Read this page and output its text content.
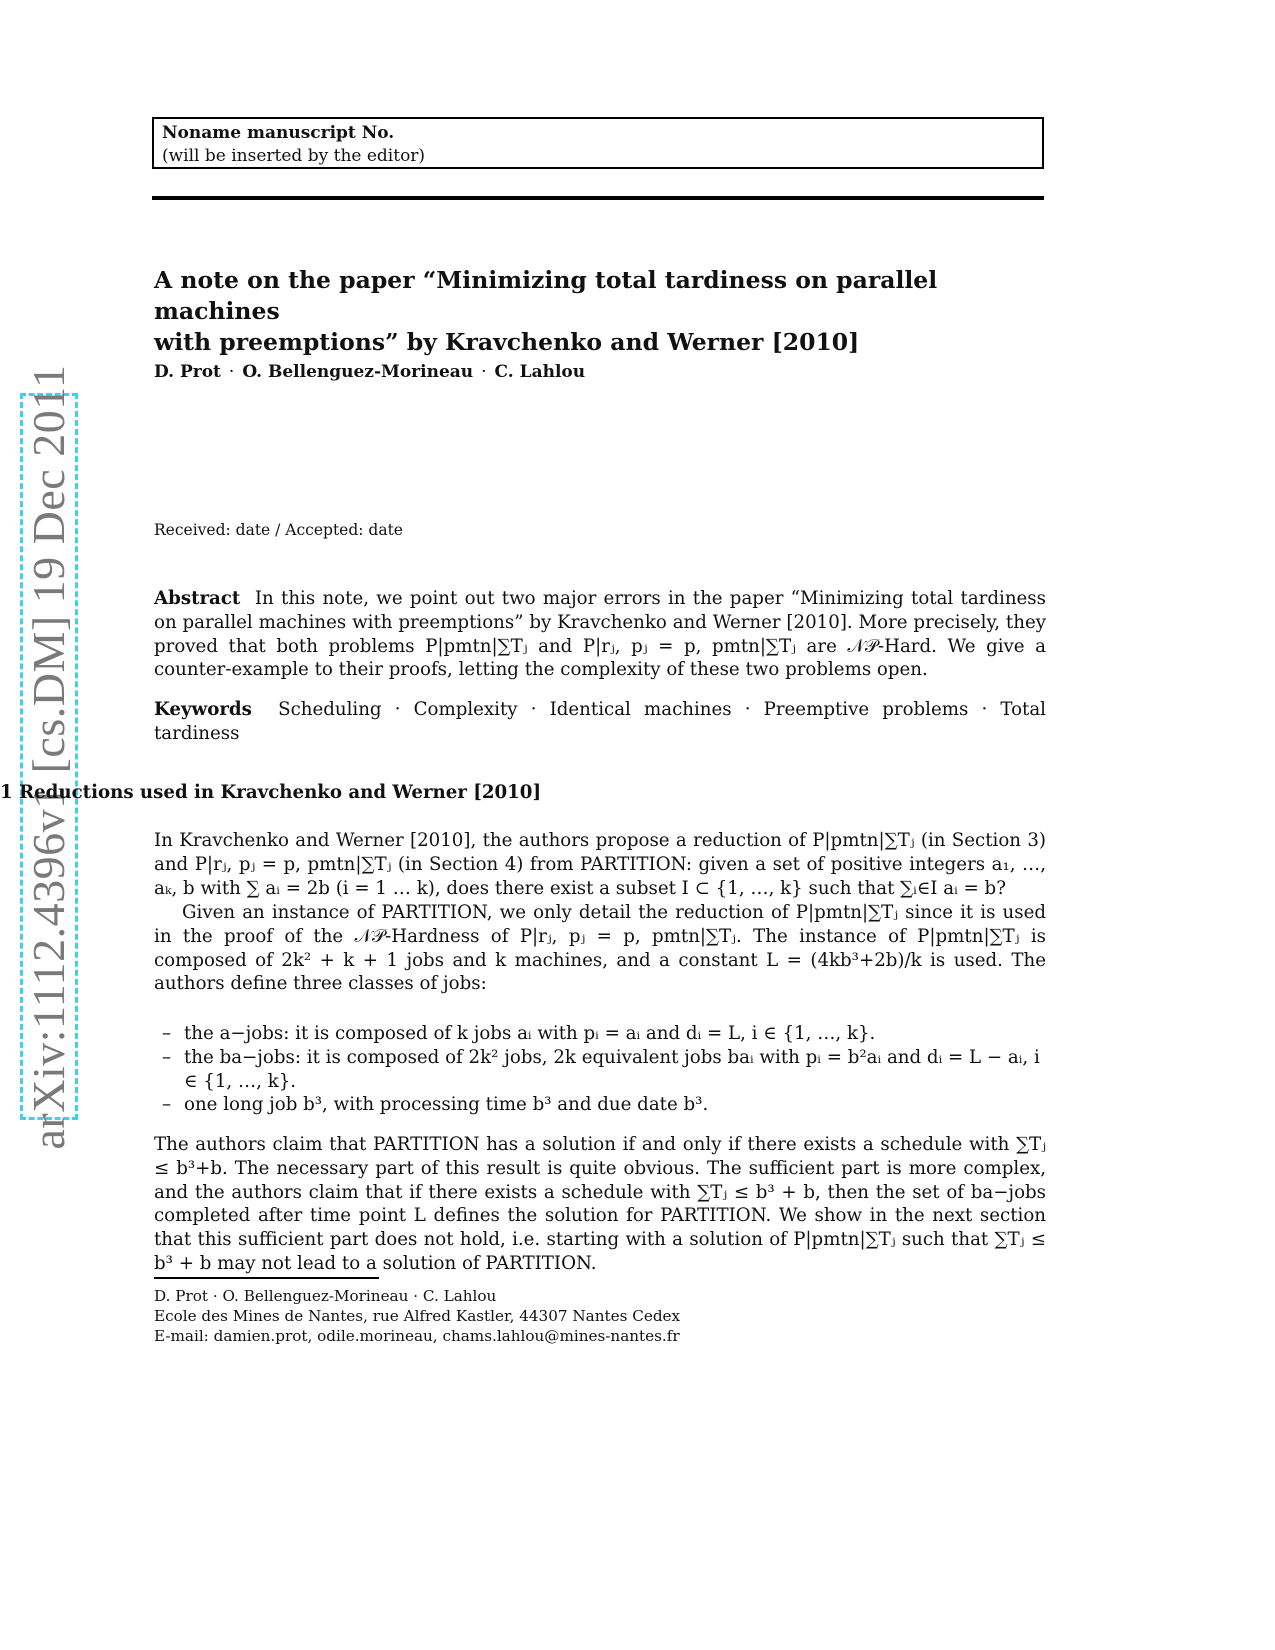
Noname manuscript No.
(will be inserted by the editor)
A note on the paper “Minimizing total tardiness on parallel machines
with preemptions” by Kravchenko and Werner [2010]
D. Prot · O. Bellenguez-Morineau · C. Lahlou
arXiv:1112.4396v1 [cs.DM] 19 Dec 2011	Received: date / Accepted: date
Abstract In this note, we point out two major errors in the paper “Minimizing total tardiness on parallel machines with preemptions” by Kravchenko and Werner [2010]. More precisely, they proved that both problems P|pmtn|∑Tⱼ and P|rⱼ, pⱼ = p, pmtn|∑Tⱼ are 𝒩𝒫-Hard. We give a counter-example to their proofs, letting the complexity of these two problems open.
Keywords Scheduling · Complexity · Identical machines · Preemptive problems · Total tardiness
1 Reductions used in Kravchenko and Werner [2010]
In Kravchenko and Werner [2010], the authors propose a reduction of P|pmtn|∑Tⱼ (in Section 3) and P|rⱼ, pⱼ = p, pmtn|∑Tⱼ (in Section 4) from PARTITION: given a set of positive integers a₁, …, aₖ, b with ∑ aᵢ = 2b (i = 1 … k), does there exist a subset I ⊂ {1, …, k} such that ∑ᵢ∈I aᵢ = b?
Given an instance of PARTITION, we only detail the reduction of P|pmtn|∑Tⱼ since it is used in the proof of the 𝒩𝒫-Hardness of P|rⱼ, pⱼ = p, pmtn|∑Tⱼ. The instance of P|pmtn|∑Tⱼ is composed of 2k² + k + 1 jobs and k machines, and a constant L = (4kb³+2b)/k is used. The authors define three classes of jobs:
– the a−jobs: it is composed of k jobs aᵢ with pᵢ = aᵢ and dᵢ = L, i ∈ {1, …, k}.
– the ba−jobs: it is composed of 2k² jobs, 2k equivalent jobs baᵢ with pᵢ = b²aᵢ and dᵢ = L − aᵢ, i ∈ {1, …, k}.
– one long job b³, with processing time b³ and due date b³.
The authors claim that PARTITION has a solution if and only if there exists a schedule with ∑Tⱼ ≤ b³+b. The necessary part of this result is quite obvious. The sufficient part is more complex, and the authors claim that if there exists a schedule with ∑Tⱼ ≤ b³ + b, then the set of ba−jobs completed after time point L defines the solution for PARTITION. We show in the next section that this sufficient part does not hold, i.e. starting with a solution of P|pmtn|∑Tⱼ such that ∑Tⱼ ≤ b³ + b may not lead to a solution of PARTITION.
D. Prot · O. Bellenguez-Morineau · C. Lahlou
Ecole des Mines de Nantes, rue Alfred Kastler, 44307 Nantes Cedex
E-mail: damien.prot, odile.morineau, chams.lahlou@mines-nantes.fr
